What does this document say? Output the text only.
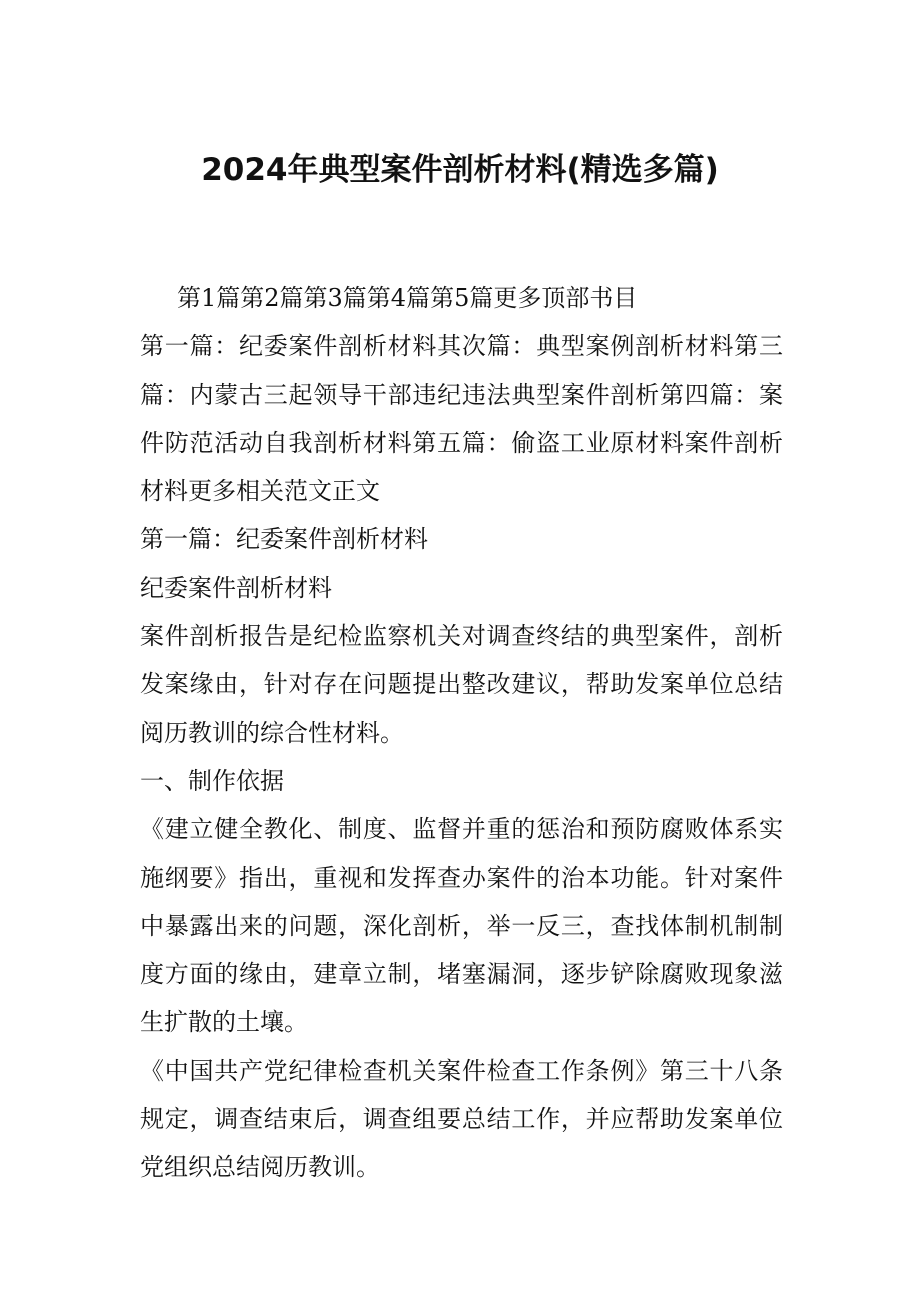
2024年典型案件剖析材料(精选多篇)

第1篇第2篇第3篇第4篇第5篇更多顶部书目

第一篇：纪委案件剖析材料其次篇：典型案例剖析材料第三篇：内蒙古三起领导干部违纪违法典型案件剖析第四篇：案件防范活动自我剖析材料第五篇：偷盗工业原材料案件剖析材料更多相关范文正文

第一篇：纪委案件剖析材料

纪委案件剖析材料

案件剖析报告是纪检监察机关对调查终结的典型案件，剖析发案缘由，针对存在问题提出整改建议，帮助发案单位总结阅历教训的综合性材料。

一、制作依据

《建立健全教化、制度、监督并重的惩治和预防腐败体系实施纲要》指出，重视和发挥查办案件的治本功能。针对案件中暴露出来的问题，深化剖析，举一反三，查找体制机制制度方面的缘由，建章立制，堵塞漏洞，逐步铲除腐败现象滋生扩散的土壤。

《中国共产党纪律检查机关案件检查工作条例》第三十八条规定，调查结束后，调查组要总结工作，并应帮助发案单位党组织总结阅历教训。
